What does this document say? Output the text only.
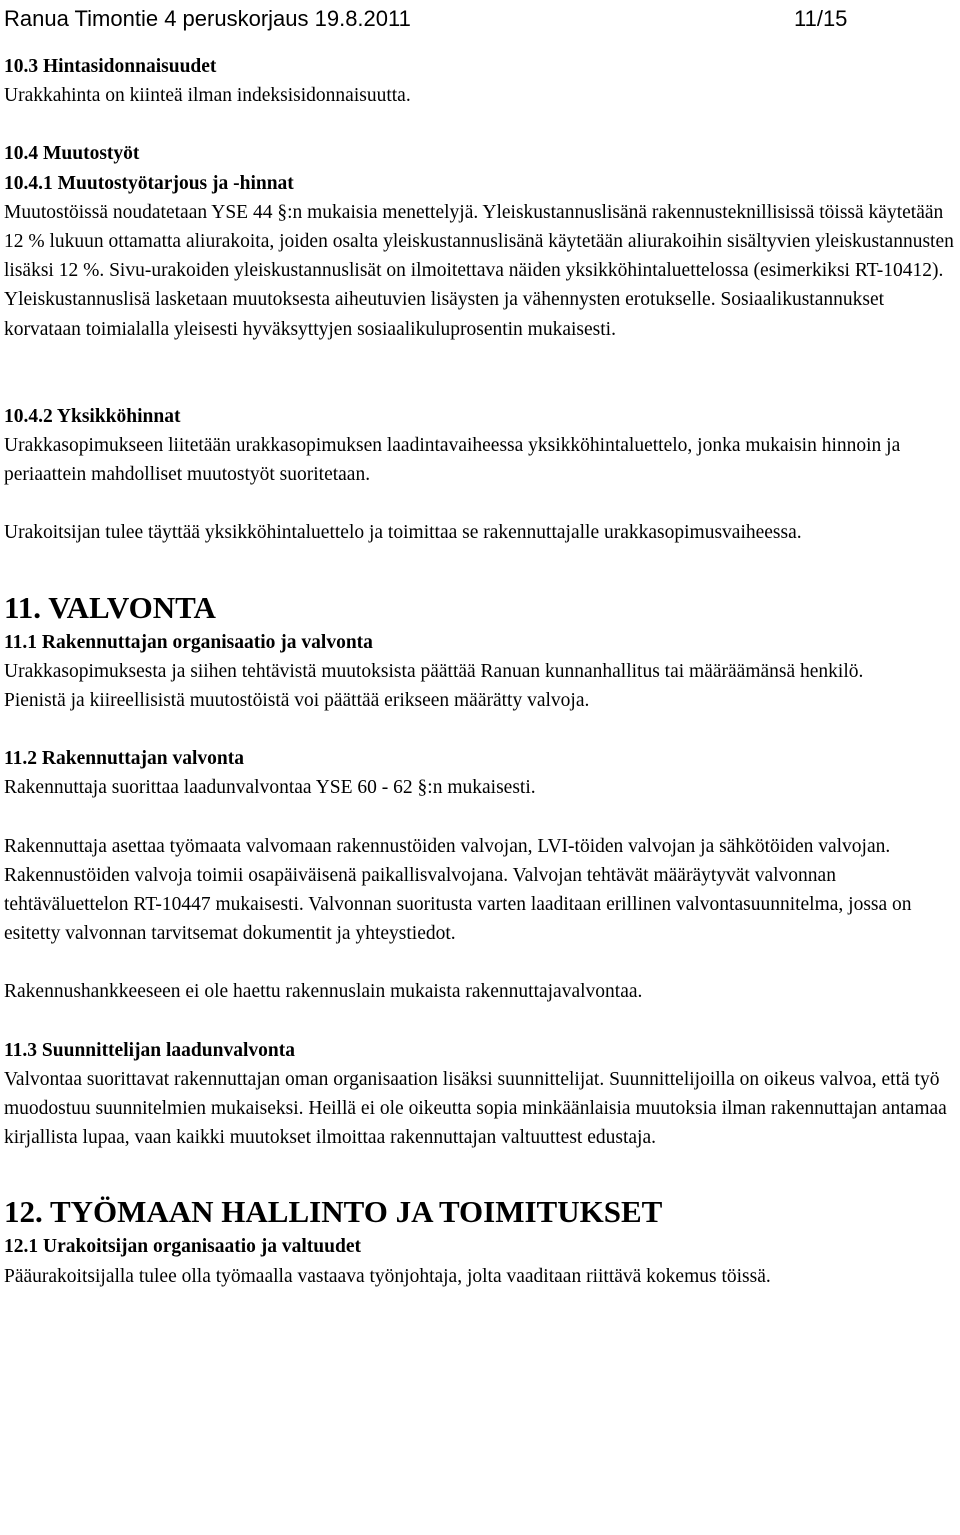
Ranua Timontie 4 peruskorjaus 19.8.2011	11/15
10.3 Hintasidonnaisuudet

Urakkahinta on kiinteä ilman indeksisidonnaisuutta.

10.4 Muutostyöt
10.4.1 Muutostyötarjous ja -hinnat

Muutostöissä noudatetaan YSE 44 §:n mukaisia menettelyjä. Yleiskustannuslisänä rakennusteknillisissä töissä käytetään 12 % lukuun ottamatta aliurakoita, joiden osalta yleiskustannuslisänä käytetään aliurakoihin sisältyvien yleiskustannusten lisäksi 12 %. Sivu-urakoiden yleiskustannuslisät on ilmoitettava näiden yksikköhintaluettelossa (esimerkiksi RT-10412). Yleiskustannuslisä lasketaan muutoksesta aiheutuvien lisäysten ja vähennysten erotukselle. Sosiaalikustannukset korvataan toimialalla yleisesti hyväksyttyjen sosiaalikuluprosentin mukaisesti.

10.4.2 Yksikköhinnat

Urakkasopimukseen liitetään urakkasopimuksen laadintavaiheessa yksikköhintaluettelo, jonka mukaisin hinnoin ja periaattein mahdolliset muutostyöt suoritetaan.

Urakoitsijan tulee täyttää yksikköhintaluettelo ja toimittaa se rakennuttajalle urakkasopimusvaiheessa.

11. VALVONTA
11.1 Rakennuttajan organisaatio ja valvonta

Urakkasopimuksesta ja siihen tehtävistä muutoksista päättää Ranuan kunnanhallitus tai määräämänsä henkilö.

Pienistä ja kiireellisistä muutostöistä voi päättää erikseen määrätty valvoja.

11.2 Rakennuttajan valvonta

Rakennuttaja suorittaa laadunvalvontaa YSE 60 - 62 §:n mukaisesti.

Rakennuttaja asettaa työmaata valvomaan rakennustöiden valvojan, LVI-töiden valvojan ja sähkötöiden valvojan. Rakennustöiden valvoja toimii osapäiväisenä paikallisvalvojana. Valvojan tehtävät määräytyvät valvonnan tehtäväluettelon RT-10447 mukaisesti. Valvonnan suoritusta varten laaditaan erillinen valvontasuunnitelma, jossa on esitetty valvonnan tarvitsemat dokumentit ja yhteystiedot.

Rakennushankkeeseen ei ole haettu rakennuslain mukaista rakennuttajavalvontaa.

11.3 Suunnittelijan laadunvalvonta

Valvontaa suorittavat rakennuttajan oman organisaation lisäksi suunnittelijat. Suunnittelijoilla on oikeus valvoa, että työ muodostuu suunnitelmien mukaiseksi. Heillä ei ole oikeutta sopia minkäänlaisia muutoksia ilman rakennuttajan antamaa kirjallista lupaa, vaan kaikki muutokset ilmoittaa rakennuttajan valtuuttest edustaja.

12. TYÖMAAN HALLINTO JA TOIMITUKSET
12.1 Urakoitsijan organisaatio ja valtuudet

Pääurakoitsijalla tulee olla työmaalla vastaava työnjohtaja, jolta vaaditaan riittävä kokemus töissä.
